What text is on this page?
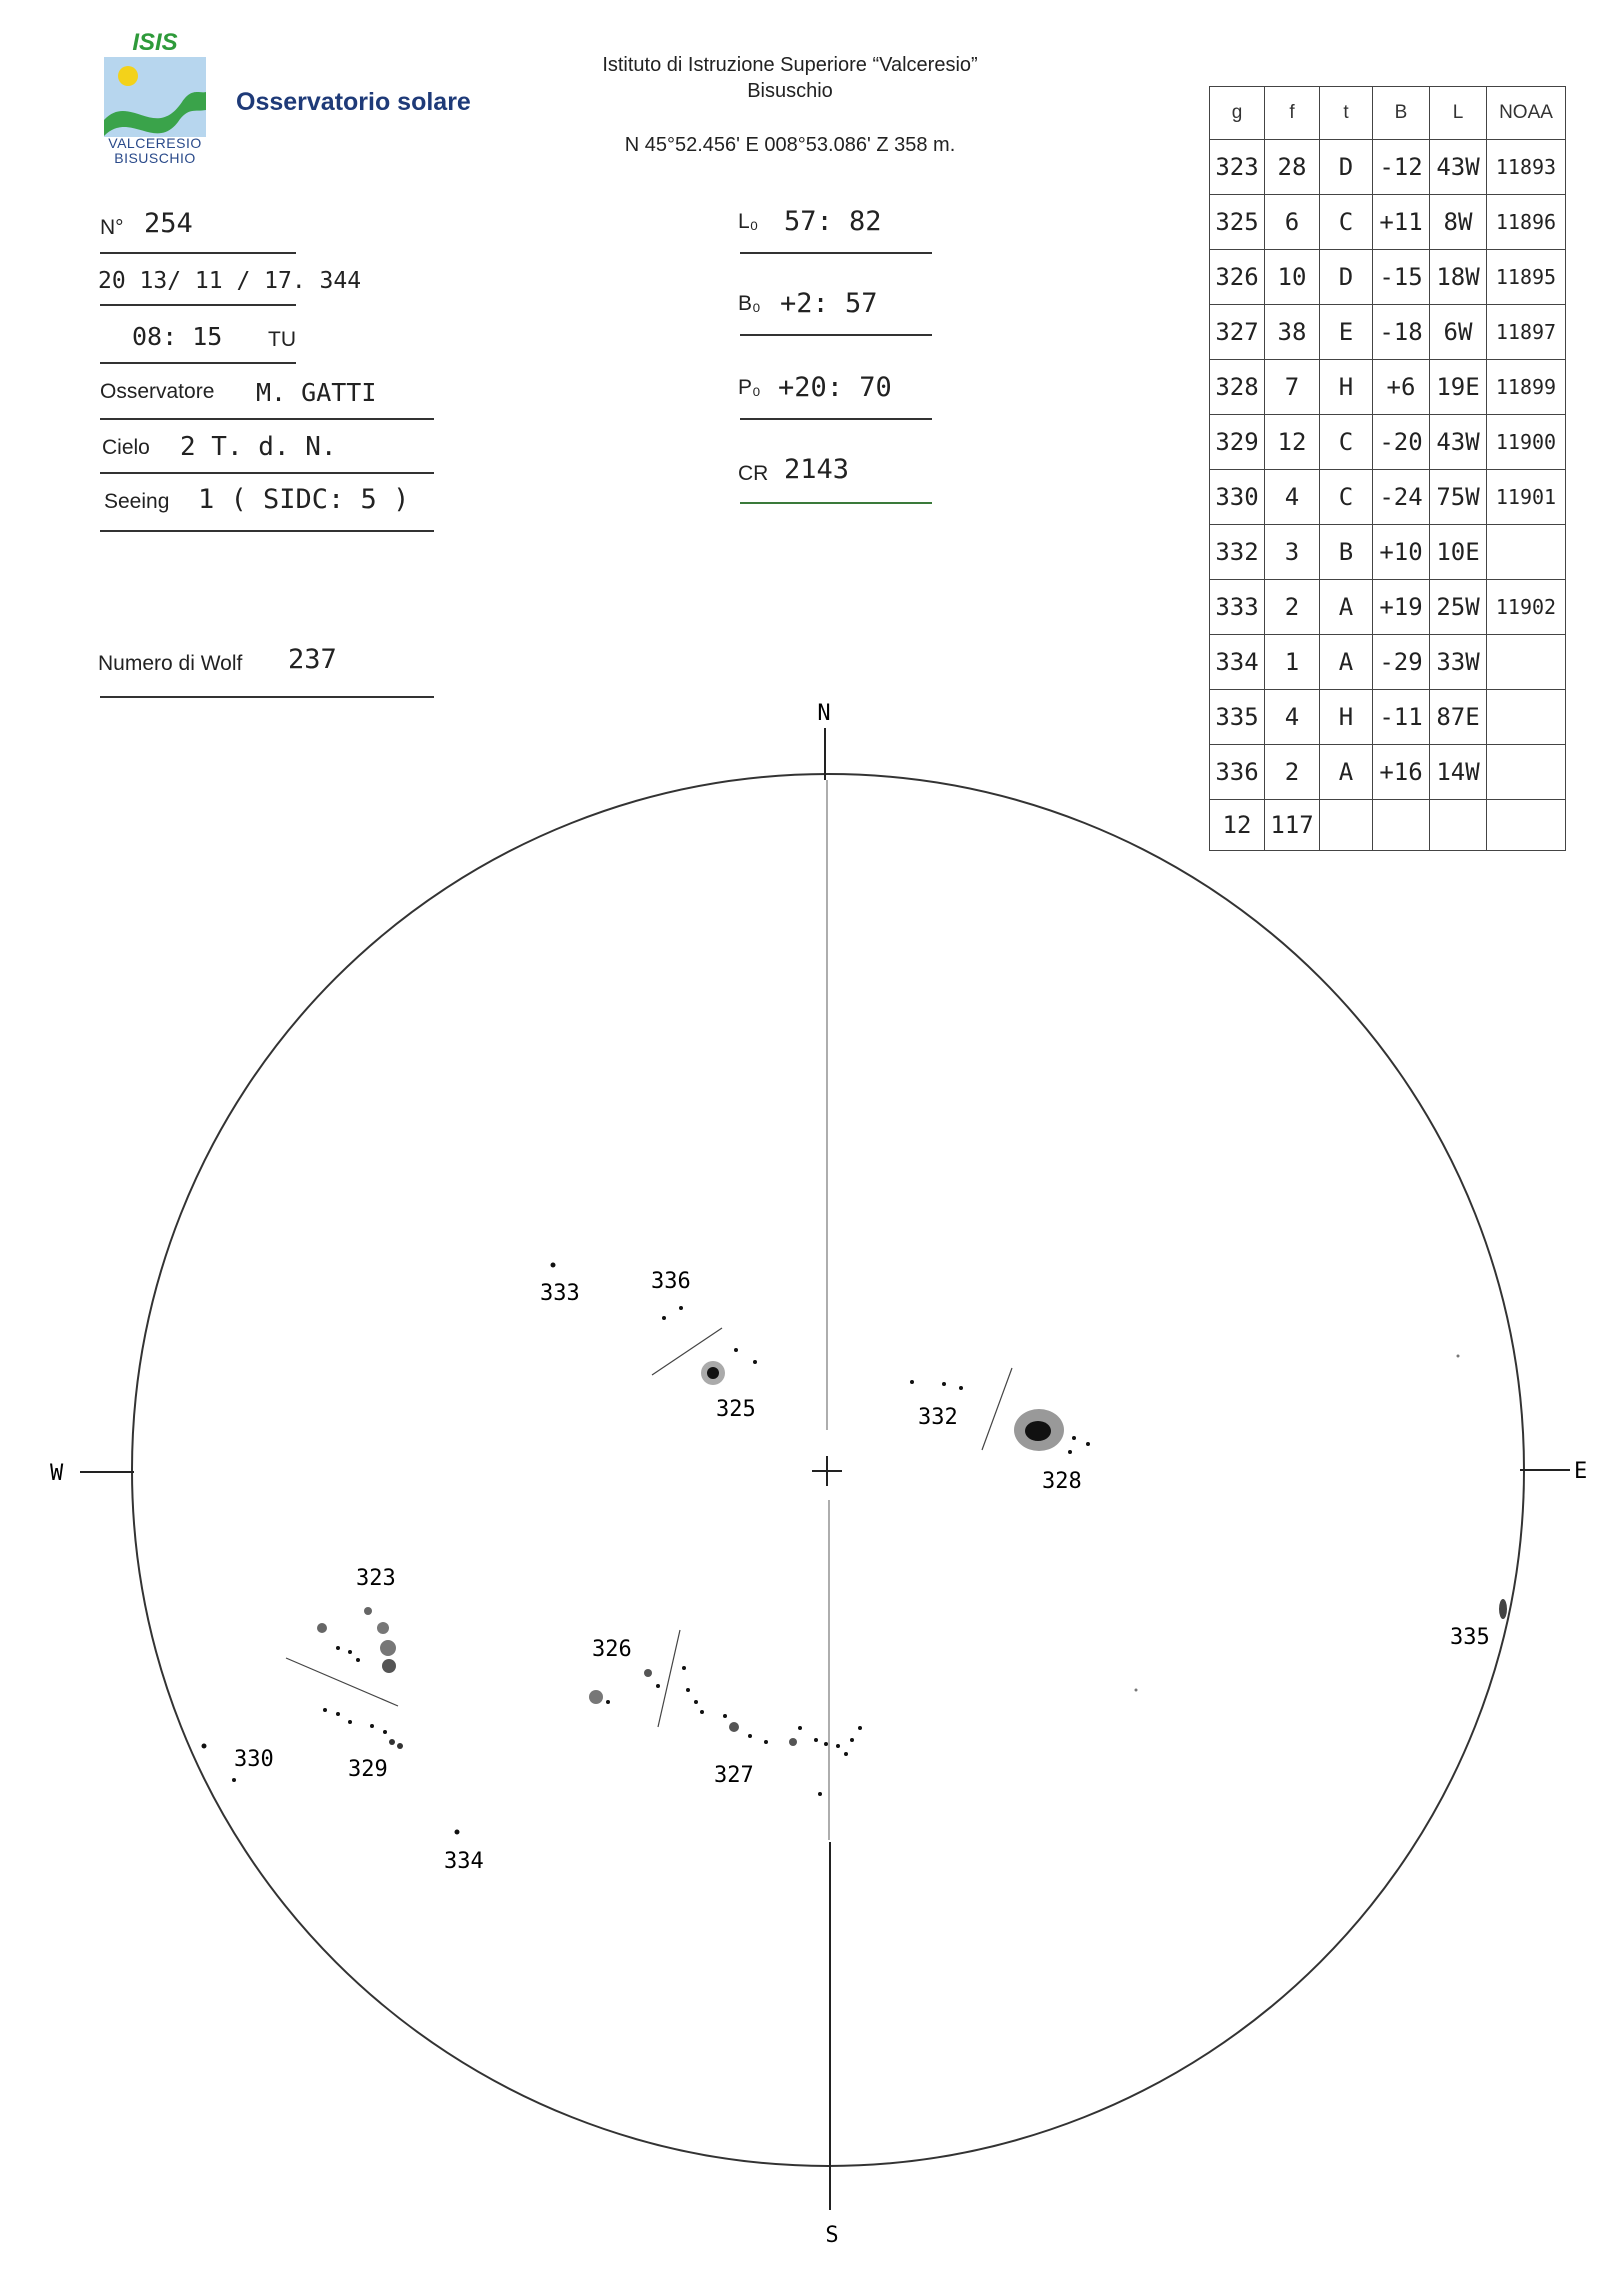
ISIS
VALCERESIO
BISUSCHIO
Osservatorio solare
Istituto di Istruzione Superiore “Valceresio”
Bisuschio
N 45°52.456' E 008°53.086' Z 358 m.
N° 254
20 13/ 11 / 17. 344
08: 15 TU
Osservatore M. GATTI
Cielo 2 T. d. N.
Seeing 1 ( SIDC: 5 )
Numero di Wolf 237
L₀ 57: 82
B₀ +2: 57
P₀ +20: 70
CR 2143
g	f	t	B	L	NOAA
323	28	D	-12	43W	11893
325	6	C	+11	8W	11896
326	10	D	-15	18W	11895
327	38	E	-18	6W	11897
328	7	H	+6	19E	11899
329	12	C	-20	43W	11900
330	4	C	-24	75W	11901
332	3	B	+10	10E	
333	2	A	+19	25W	11902
334	1	A	-29	33W	
335	4	H	-11	87E	
336	2	A	+16	14W	
12	117				
N
S
W	E
333	336
325	332
328
323
329
330
326
327
334
335
